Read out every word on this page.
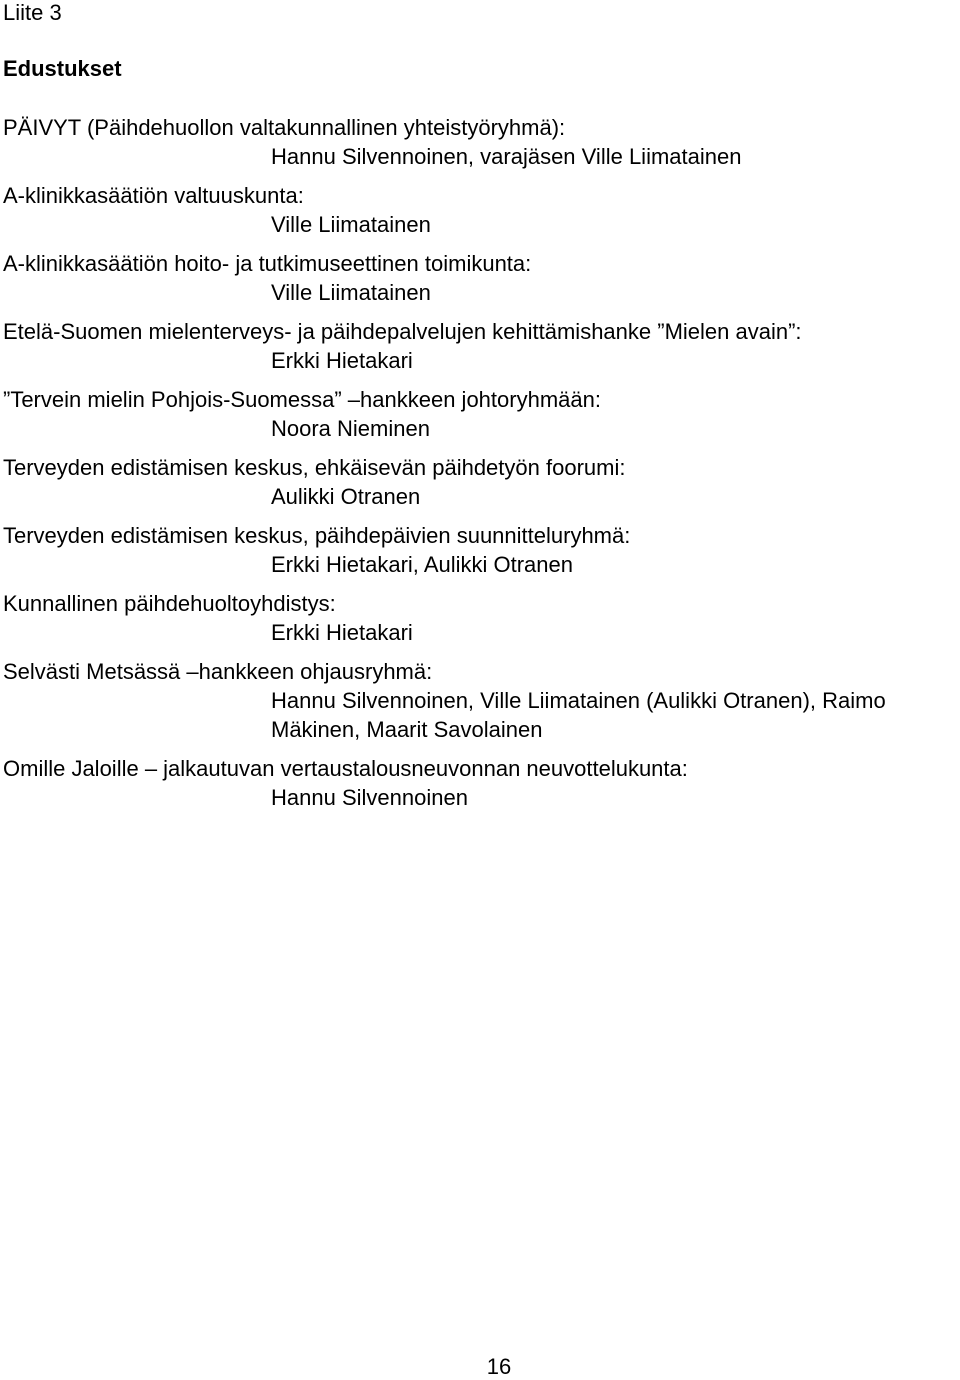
Liite 3
Edustukset
PÄIVYT (Päihdehuollon valtakunnallinen yhteistyöryhmä):
Hannu Silvennoinen, varajäsen Ville Liimatainen
A-klinikkasäätiön valtuuskunta:
Ville Liimatainen
A-klinikkasäätiön hoito- ja tutkimuseettinen toimikunta:
Ville Liimatainen
Etelä-Suomen mielenterveys- ja päihdepalvelujen kehittämishanke ”Mielen avain”:
Erkki Hietakari
”Tervein mielin Pohjois-Suomessa” –hankkeen johtoryhmään:
Noora Nieminen
Terveyden edistämisen keskus, ehkäisevän päihdetyön foorumi:
Aulikki Otranen
Terveyden edistämisen keskus, päihdepäivien suunnitteluryhmä:
Erkki Hietakari, Aulikki Otranen
Kunnallinen päihdehuoltoyhdistys:
Erkki Hietakari
Selvästi Metsässä –hankkeen ohjausryhmä:
Hannu Silvennoinen, Ville Liimatainen (Aulikki Otranen), Raimo
Mäkinen, Maarit Savolainen
Omille Jaloille – jalkautuvan vertaustalousneuvonnan neuvottelukunta:
Hannu Silvennoinen
16
